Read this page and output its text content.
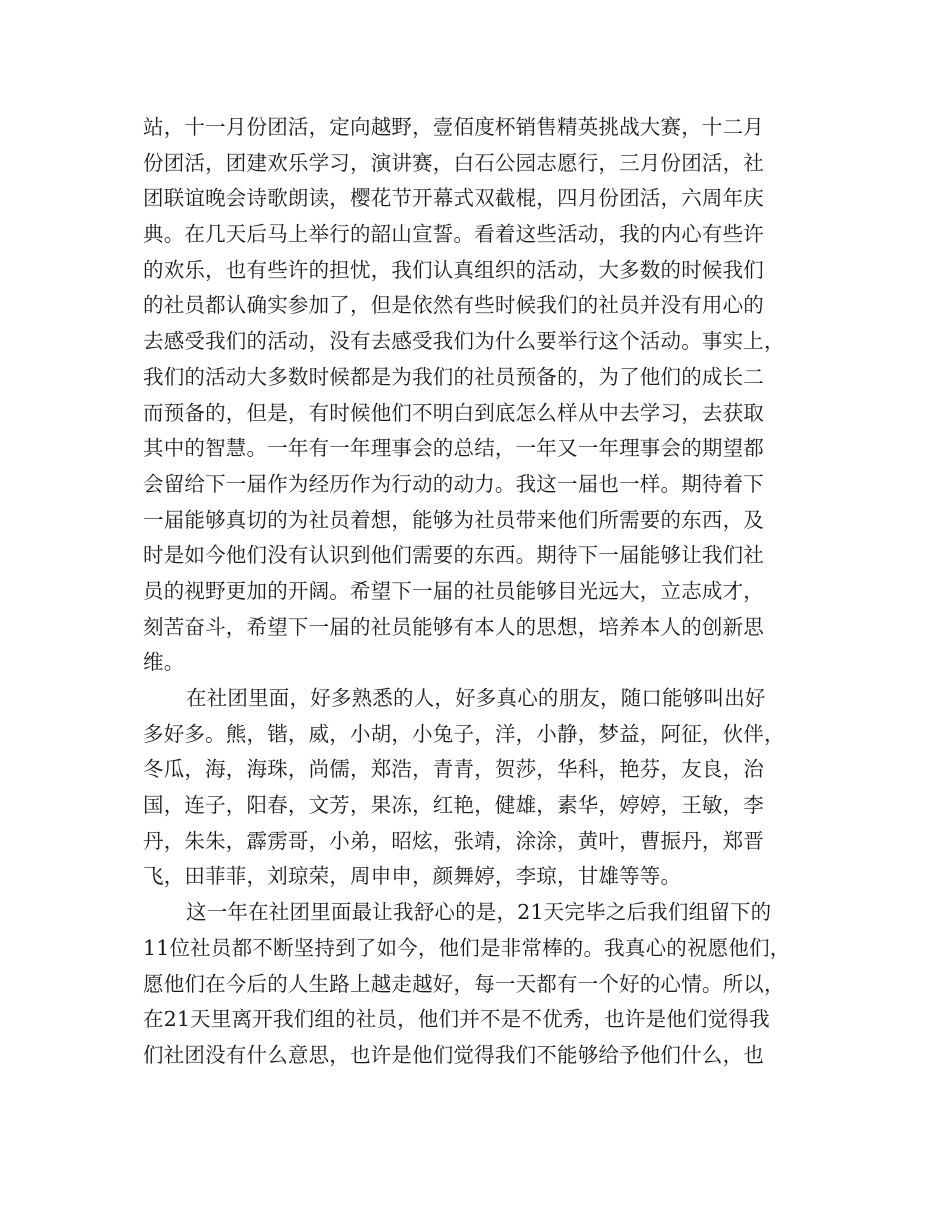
站，十一月份团活，定向越野，壹佰度杯销售精英挑战大赛，十二月
份团活，团建欢乐学习，演讲赛，白石公园志愿行，三月份团活，社
团联谊晚会诗歌朗读，樱花节开幕式双截棍，四月份团活，六周年庆
典。在几天后马上举行的韶山宣誓。看着这些活动，我的内心有些许
的欢乐，也有些许的担忧，我们认真组织的活动，大多数的时候我们
的社员都认确实参加了，但是依然有些时候我们的社员并没有用心的
去感受我们的活动，没有去感受我们为什么要举行这个活动。事实上，
我们的活动大多数时候都是为我们的社员预备的，为了他们的成长二
而预备的，但是，有时候他们不明白到底怎么样从中去学习，去获取
其中的智慧。一年有一年理事会的总结，一年又一年理事会的期望都
会留给下一届作为经历作为行动的动力。我这一届也一样。期待着下
一届能够真切的为社员着想，能够为社员带来他们所需要的东西，及
时是如今他们没有认识到他们需要的东西。期待下一届能够让我们社
员的视野更加的开阔。希望下一届的社员能够目光远大，立志成才，
刻苦奋斗，希望下一届的社员能够有本人的思想，培养本人的创新思
维。
在社团里面，好多熟悉的人，好多真心的朋友，随口能够叫出好
多好多。熊，锴，威，小胡，小兔子，洋，小静，梦益，阿征，伙伴，
冬瓜，海，海珠，尚儒，郑浩，青青，贺莎，华科，艳芬，友良，治
国，连子，阳春，文芳，果冻，红艳，健雄，素华，婷婷，王敏，李
丹，朱朱，霹雳哥，小弟，昭炫，张靖，涂涂，黄叶，曹振丹，郑晋
飞，田菲菲，刘琼荣，周申申，颜舞婷，李琼，甘雄等等。
这一年在社团里面最让我舒心的是，21天完毕之后我们组留下的
11位社员都不断坚持到了如今，他们是非常棒的。我真心的祝愿他们，
愿他们在今后的人生路上越走越好，每一天都有一个好的心情。所以，
在21天里离开我们组的社员，他们并不是不优秀，也许是他们觉得我
们社团没有什么意思，也许是他们觉得我们不能够给予他们什么，也
